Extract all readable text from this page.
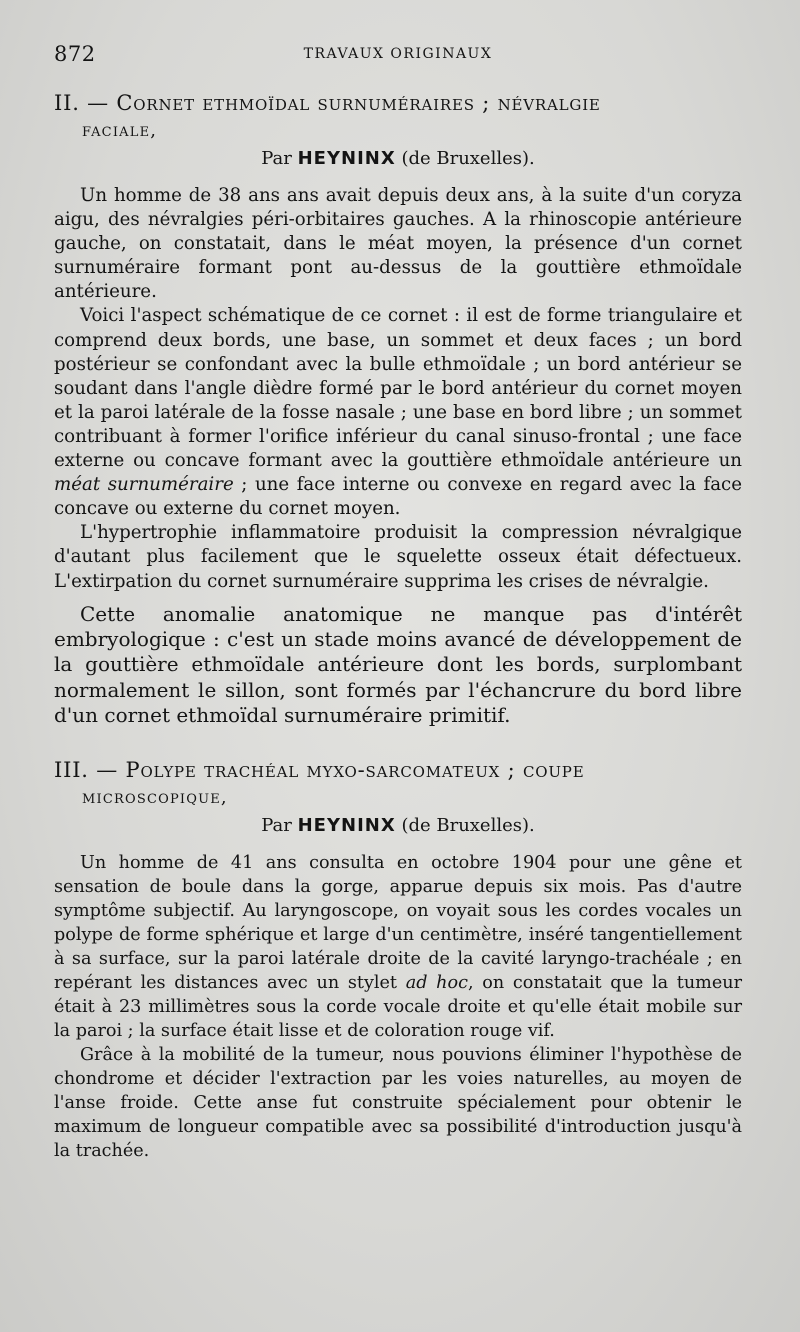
872	TRAVAUX ORIGINAUX
II. — Cornet ethmoïdal surnuméraires ; névralgie
faciale,
Par HEYNINX (de Bruxelles).

Un homme de 38 ans ans avait depuis deux ans, à la suite d'un coryza aigu, des névralgies péri-orbitaires gauches. A la rhinoscopie antérieure gauche, on constatait, dans le méat moyen, la présence d'un cornet surnuméraire formant pont au-dessus de la gouttière ethmoïdale antérieure.

Voici l'aspect schématique de ce cornet : il est de forme triangulaire et comprend deux bords, une base, un sommet et deux faces ; un bord postérieur se confondant avec la bulle ethmoïdale ; un bord antérieur se soudant dans l'angle dièdre formé par le bord antérieur du cornet moyen et la paroi latérale de la fosse nasale ; une base en bord libre ; un sommet contribuant à former l'orifice inférieur du canal sinuso-frontal ; une face externe ou concave formant avec la gouttière ethmoïdale antérieure un méat surnuméraire ; une face interne ou convexe en regard avec la face concave ou externe du cornet moyen.

L'hypertrophie inflammatoire produisit la compression névralgique d'autant plus facilement que le squelette osseux était défectueux. L'extirpation du cornet surnuméraire supprima les crises de névralgie.

Cette anomalie anatomique ne manque pas d'intérêt embryologique : c'est un stade moins avancé de développement de la gouttière ethmoïdale antérieure dont les bords, surplombant normalement le sillon, sont formés par l'échancrure du bord libre d'un cornet ethmoïdal surnuméraire primitif.

III. — Polype trachéal myxo-sarcomateux ; coupe
microscopique,
Par HEYNINX (de Bruxelles).

Un homme de 41 ans consulta en octobre 1904 pour une gêne et sensation de boule dans la gorge, apparue depuis six mois. Pas d'autre symptôme subjectif. Au laryngoscope, on voyait sous les cordes vocales un polype de forme sphérique et large d'un centimètre, inséré tangentiellement à sa surface, sur la paroi latérale droite de la cavité laryngo-trachéale ; en repérant les distances avec un stylet ad hoc, on constatait que la tumeur était à 23 millimètres sous la corde vocale droite et qu'elle était mobile sur la paroi ; la surface était lisse et de coloration rouge vif.

Grâce à la mobilité de la tumeur, nous pouvions éliminer l'hypothèse de chondrome et décider l'extraction par les voies naturelles, au moyen de l'anse froide. Cette anse fut construite spécialement pour obtenir le maximum de longueur compatible avec sa possibilité d'introduction jusqu'à la trachée.
